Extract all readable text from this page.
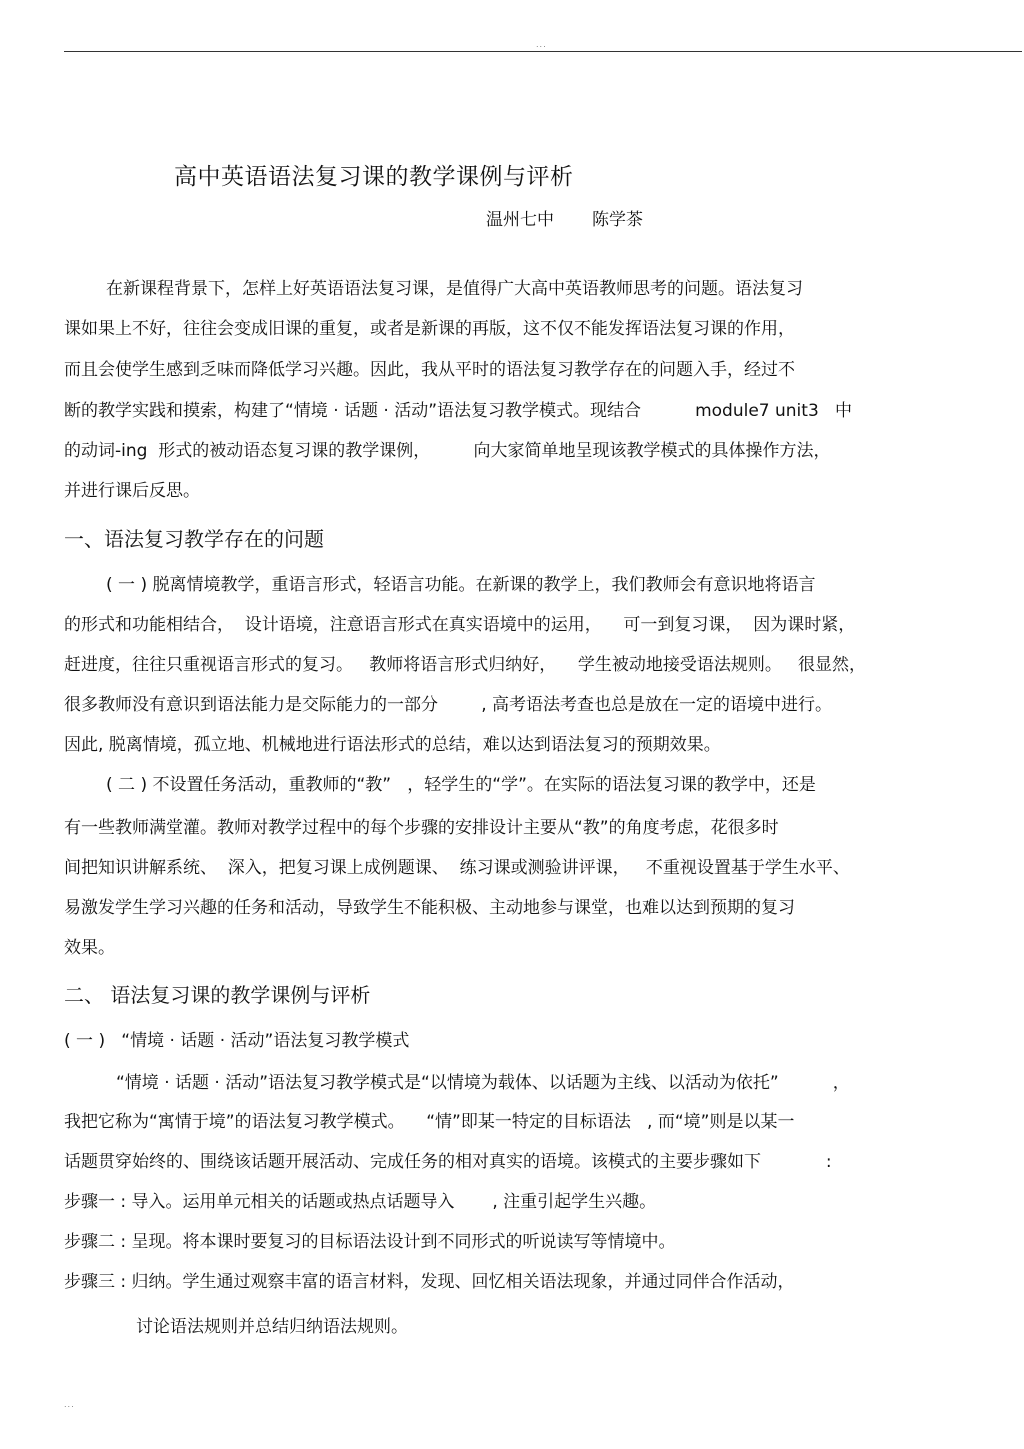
...
高中英语语法复习课的教学课例与评析
温州七中 陈学茶
在新课程背景下，怎样上好英语语法复习课，是值得广大高中英语教师思考的问题。语法复习
课如果上不好，往往会变成旧课的重复，或者是新课的再版，这不仅不能发挥语法复习课的作用，
而且会使学生感到乏味而降低学习兴趣。因此，我从平时的语法复习教学存在的问题入手，经过不
断的教学实践和摸索，构建了“情境 · 话题 · 活动”语法复习教学模式。现结合          module7 unit3   中
的动词-ing  形式的被动语态复习课的教学课例，        向大家简单地呈现该教学模式的具体操作方法，
并进行课后反思。
一、语法复习教学存在的问题
( 一 ) 脱离情境教学，重语言形式，轻语言功能。在新课的教学上，我们教师会有意识地将语言
的形式和功能相结合，  设计语境，注意语言形式在真实语境中的运用，    可一到复习课，  因为课时紧，
赶进度，往往只重视语言形式的复习。   教师将语言形式归纳好，    学生被动地接受语法规则。   很显然，
很多教师没有意识到语法能力是交际能力的一部分        , 高考语法考查也总是放在一定的语境中进行。
因此, 脱离情境，孤立地、机械地进行语法形式的总结，难以达到语法复习的预期效果。
( 二 ) 不设置任务活动，重教师的“教”   ，轻学生的“学”。在实际的语法复习课的教学中，还是
有一些教师满堂灌。教师对教学过程中的每个步骤的安排设计主要从“教”的角度考虑，花很多时
间把知识讲解系统、  深入，把复习课上成例题课、  练习课或测验讲评课，   不重视设置基于学生水平、
易激发学生学习兴趣的任务和活动，导致学生不能积极、主动地参与课堂，也难以达到预期的复习
效果。
二、 语法复习课的教学课例与评析
( 一 )   “情境 · 话题 · 活动”语法复习教学模式
“情境 · 话题 · 活动”语法复习教学模式是“以情境为载体、以话题为主线、以活动为依托”          ，
我把它称为“寓情于境”的语法复习教学模式。    “情”即某一特定的目标语法   , 而“境”则是以某一
话题贯穿始终的、围绕该话题开展活动、完成任务的相对真实的语境。该模式的主要步骤如下            :
步骤一 : 导入。运用单元相关的话题或热点话题导入       , 注重引起学生兴趣。
步骤二 : 呈现。将本课时要复习的目标语法设计到不同形式的听说读写等情境中。
步骤三 : 归纳。学生通过观察丰富的语言材料，发现、回忆相关语法现象，并通过同伴合作活动，
讨论语法规则并总结归纳语法规则。
...
